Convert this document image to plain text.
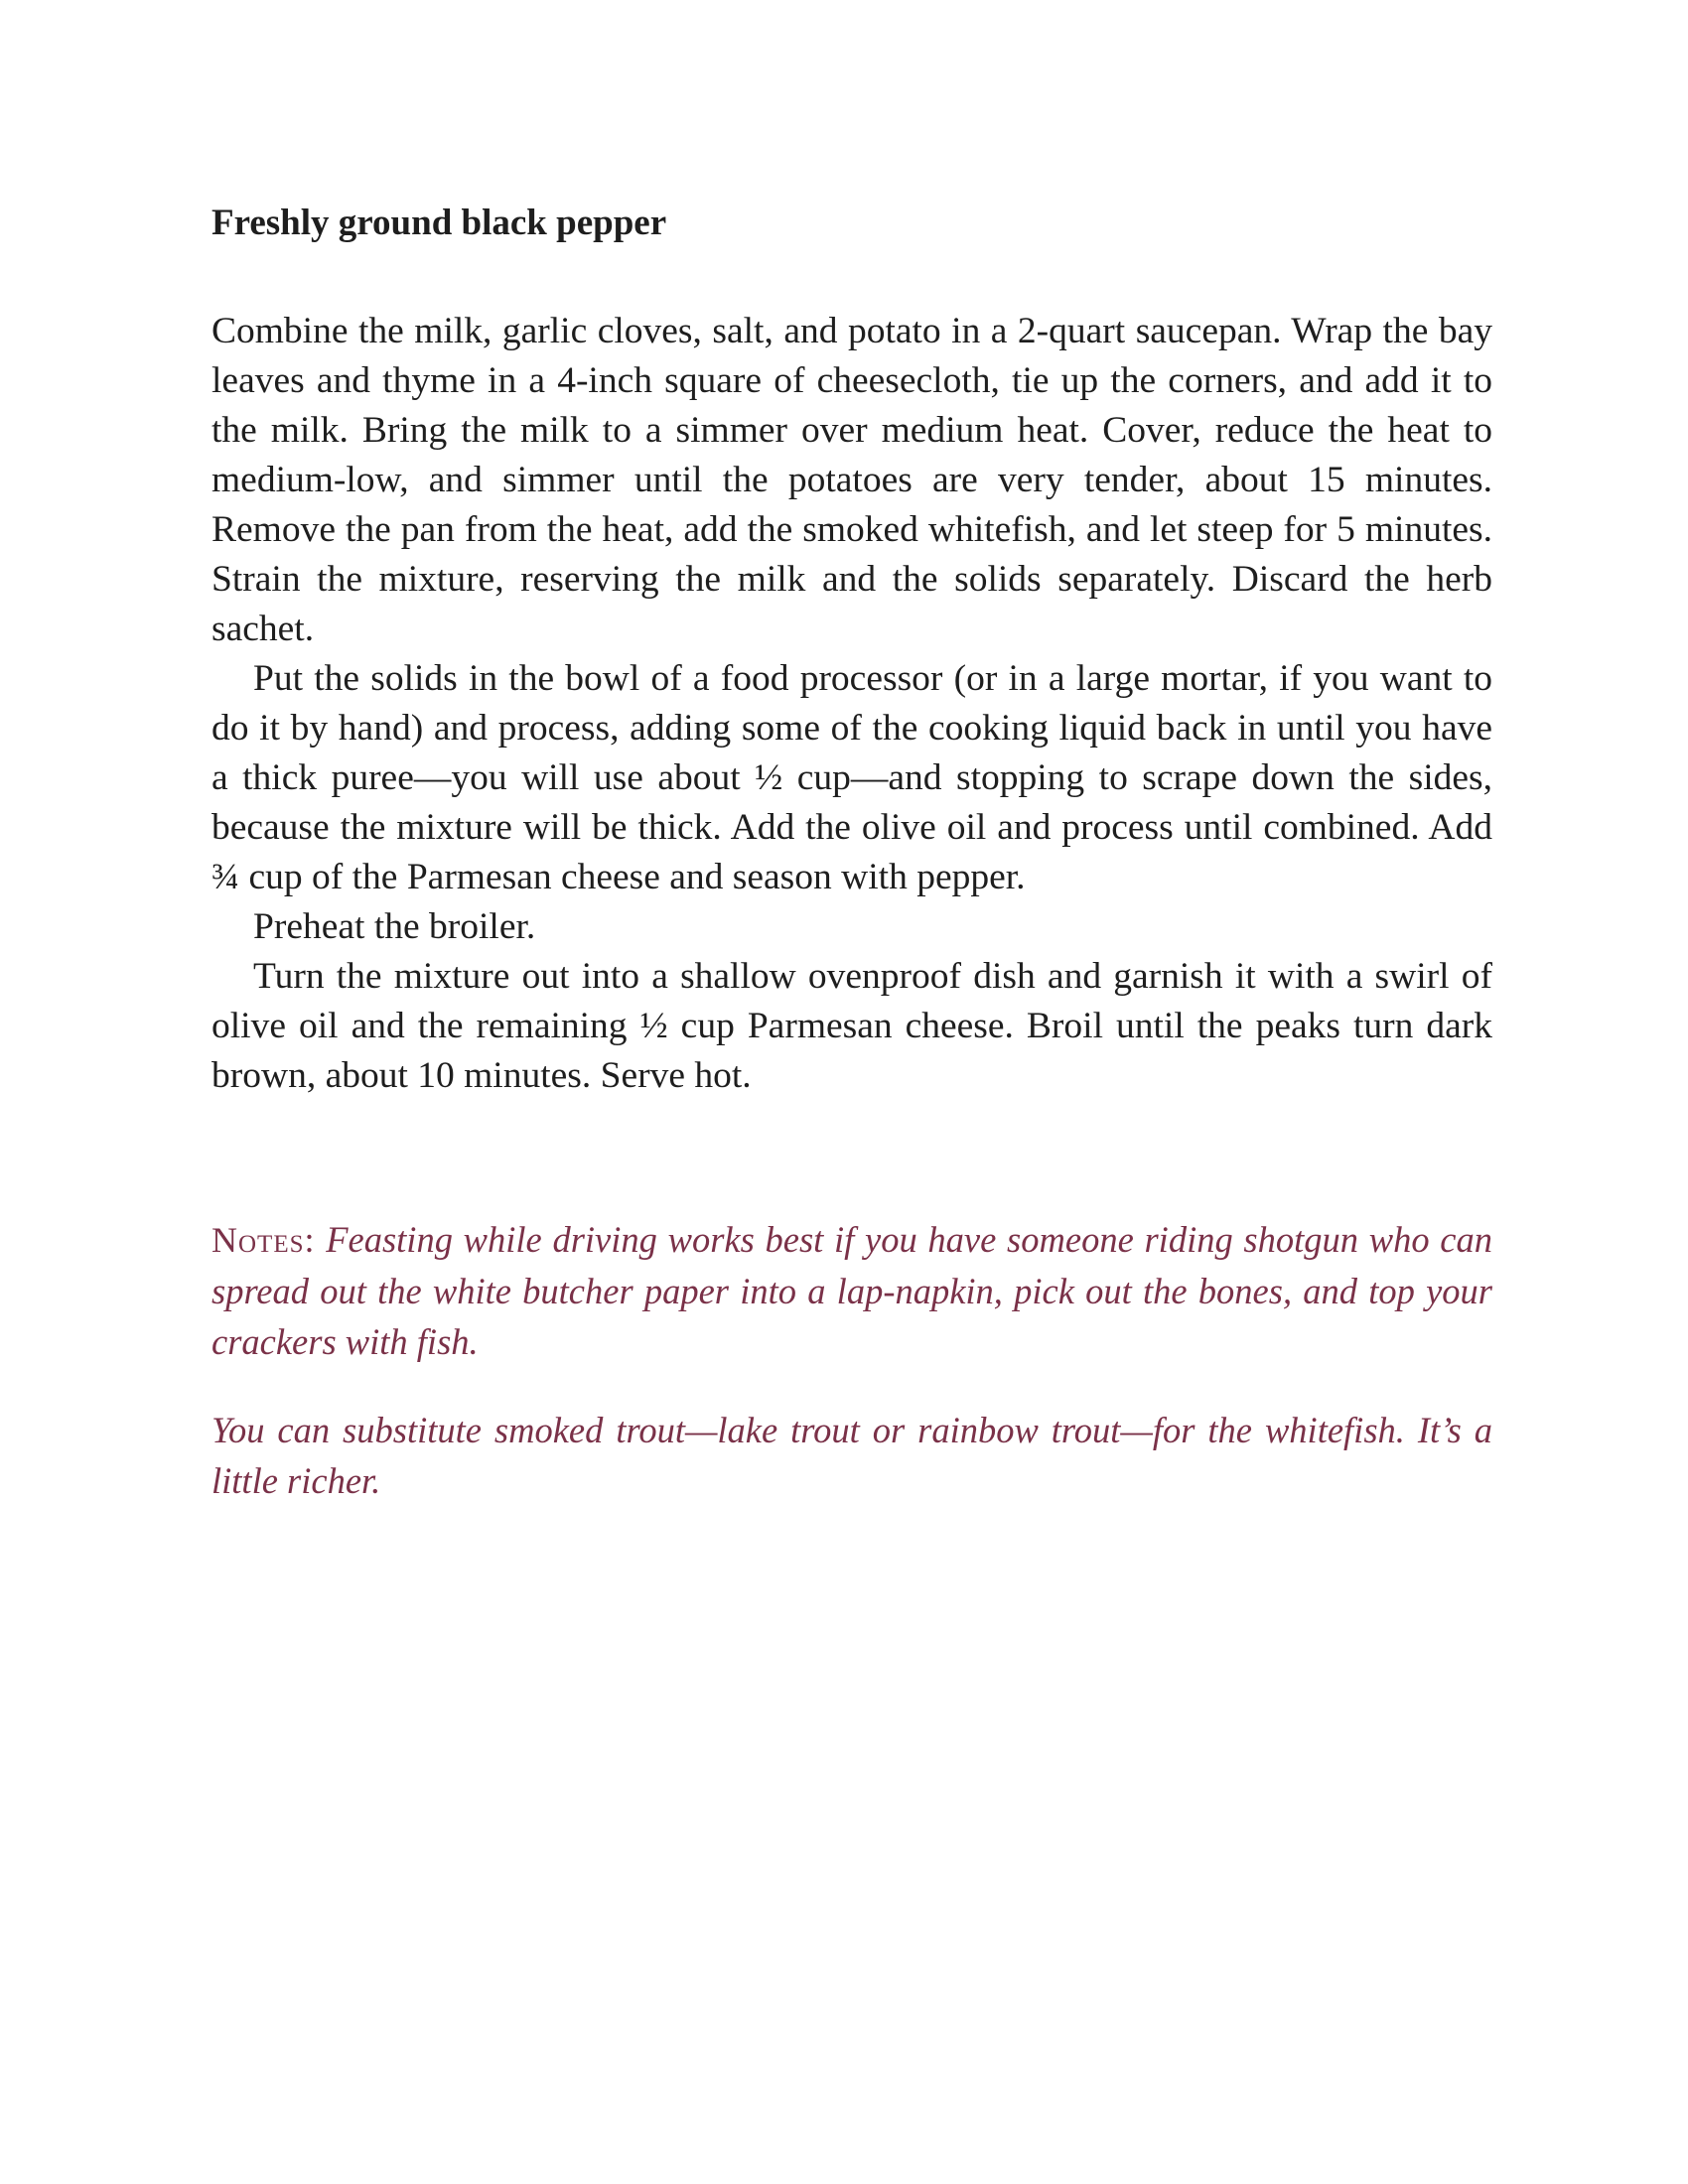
Freshly ground black pepper

Combine the milk, garlic cloves, salt, and potato in a 2-quart saucepan. Wrap the bay leaves and thyme in a 4-inch square of cheesecloth, tie up the corners, and add it to the milk. Bring the milk to a simmer over medium heat. Cover, reduce the heat to medium-low, and simmer until the potatoes are very tender, about 15 minutes. Remove the pan from the heat, add the smoked whitefish, and let steep for 5 minutes. Strain the mixture, reserving the milk and the solids separately. Discard the herb sachet.

Put the solids in the bowl of a food processor (or in a large mortar, if you want to do it by hand) and process, adding some of the cooking liquid back in until you have a thick puree—you will use about ½ cup—and stopping to scrape down the sides, because the mixture will be thick. Add the olive oil and process until combined. Add ¾ cup of the Parmesan cheese and season with pepper.

Preheat the broiler.

Turn the mixture out into a shallow ovenproof dish and garnish it with a swirl of olive oil and the remaining ½ cup Parmesan cheese. Broil until the peaks turn dark brown, about 10 minutes. Serve hot.

Notes: Feasting while driving works best if you have someone riding shotgun who can spread out the white butcher paper into a lap-napkin, pick out the bones, and top your crackers with fish.

You can substitute smoked trout—lake trout or rainbow trout—for the whitefish. It’s a little richer.
